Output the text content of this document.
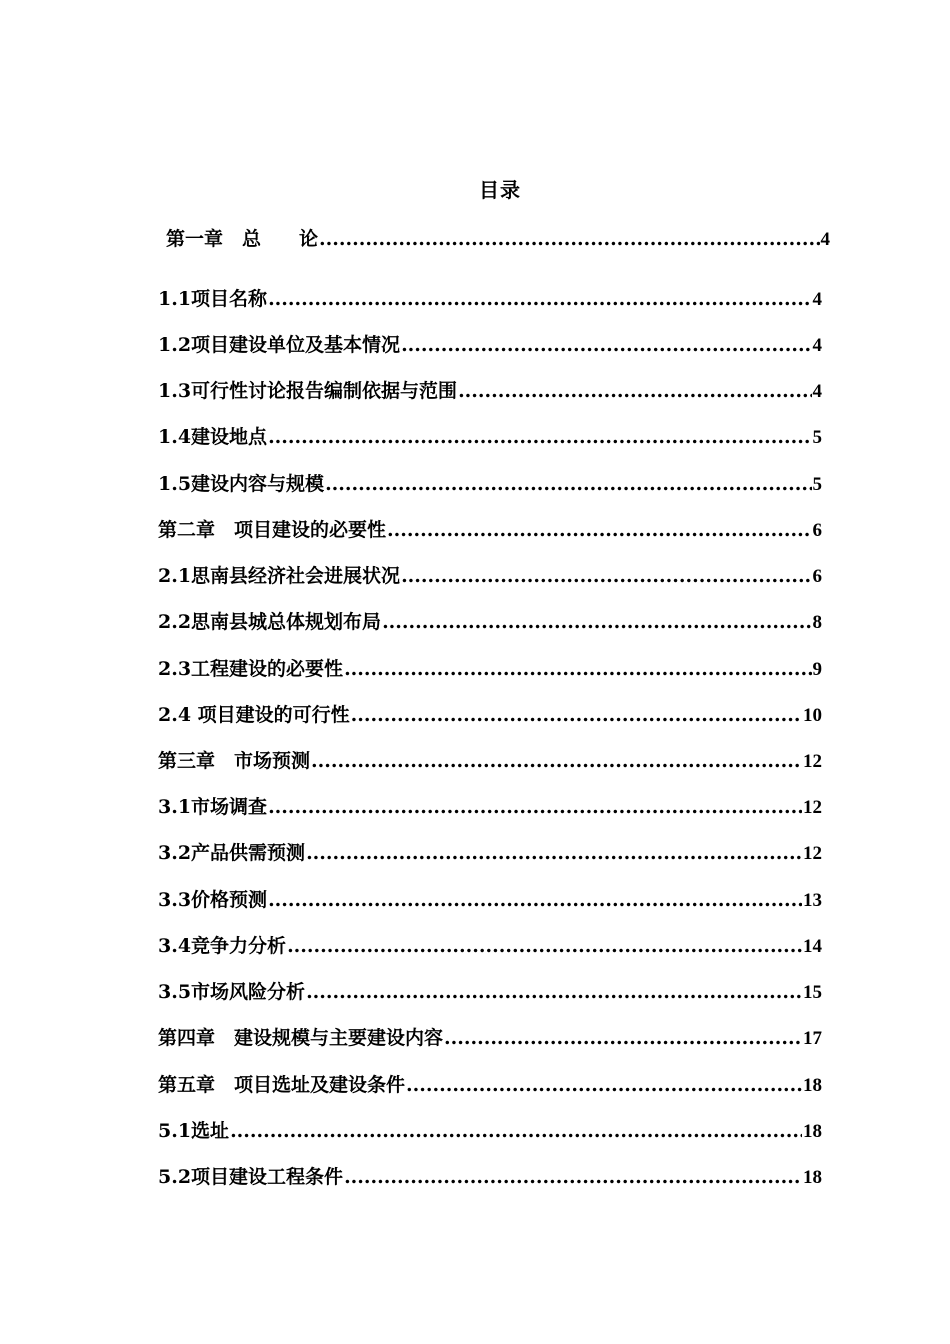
目录
第一章　总　　论 .....	4
1.1项目名称 .....	4
1.2项目建设单位及基本情况 .....	4
1.3可行性讨论报告编制依据与范围 .....	4
1.4建设地点 .....	5
1.5建设内容与规模 .....	5
第二章　项目建设的必要性 .....	6
2.1思南县经济社会进展状况 .....	6
2.2思南县城总体规划布局 .....	8
2.3工程建设的必要性 .....	9
2.4 项目建设的可行性 .....	10
第三章　市场预测 .....	12
3.1市场调查 .....	12
3.2产品供需预测 .....	12
3.3价格预测 .....	13
3.4竞争力分析 .....	14
3.5市场风险分析 .....	15
第四章　建设规模与主要建设内容 .....	17
第五章　项目选址及建设条件 .....	18
5.1选址 .....	18
5.2项目建设工程条件 .....	18
